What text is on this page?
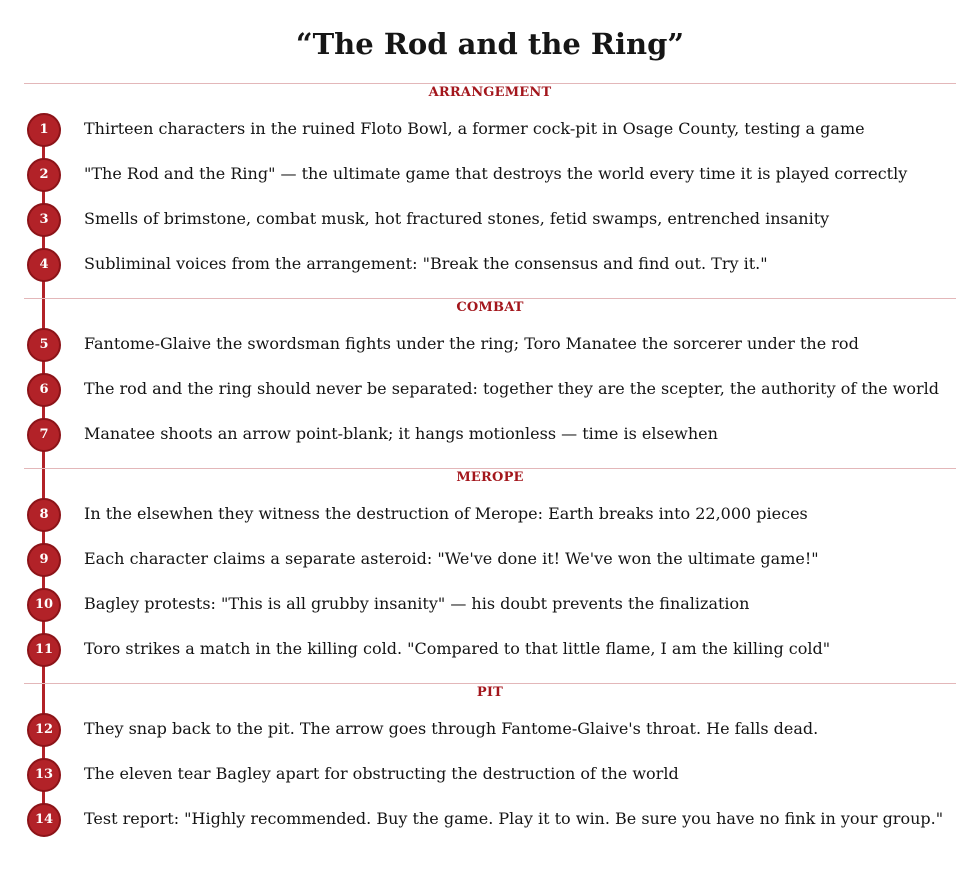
“The Rod and the Ring”
ARRANGEMENT
1	Thirteen characters in the ruined Floto Bowl, a former cock-pit in Osage County, testing a game
2	"The Rod and the Ring" — the ultimate game that destroys the world every time it is played correctly
3	Smells of brimstone, combat musk, hot fractured stones, fetid swamps, entrenched insanity
4	Subliminal voices from the arrangement: "Break the consensus and find out. Try it."
COMBAT
5	Fantome-Glaive the swordsman fights under the ring; Toro Manatee the sorcerer under the rod
6	The rod and the ring should never be separated: together they are the scepter, the authority of the world
7	Manatee shoots an arrow point-blank; it hangs motionless — time is elsewhen
MEROPE
8	In the elsewhen they witness the destruction of Merope: Earth breaks into 22,000 pieces
9	Each character claims a separate asteroid: "We've done it! We've won the ultimate game!"
10	Bagley protests: "This is all grubby insanity" — his doubt prevents the finalization
11	Toro strikes a match in the killing cold. "Compared to that little flame, I am the killing cold"
PIT
12	They snap back to the pit. The arrow goes through Fantome-Glaive's throat. He falls dead.
13	The eleven tear Bagley apart for obstructing the destruction of the world
14	Test report: "Highly recommended. Buy the game. Play it to win. Be sure you have no fink in your group."
